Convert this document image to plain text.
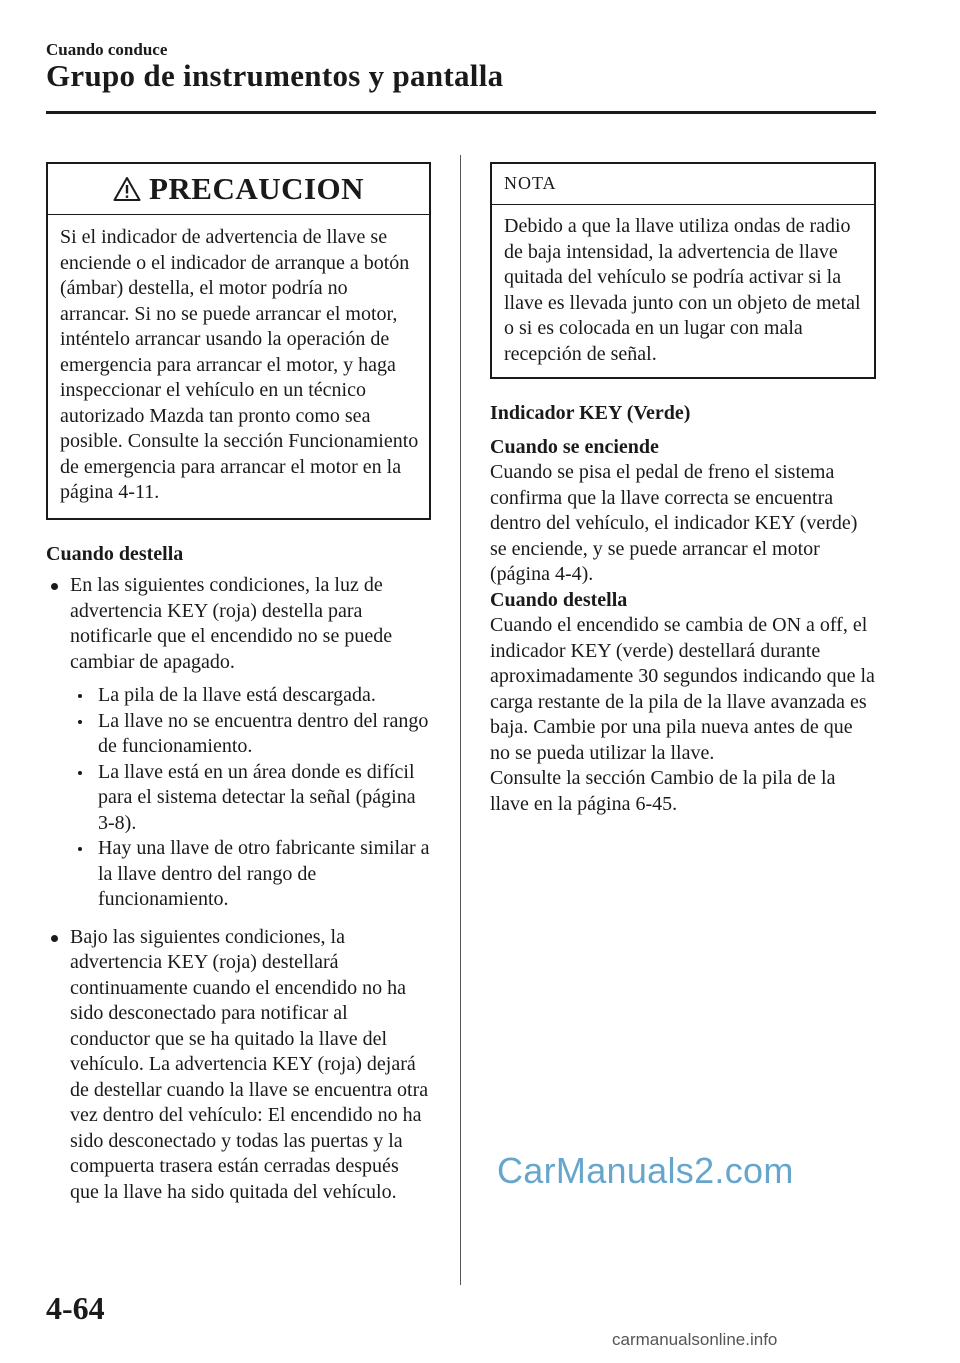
Cuando conduce
Grupo de instrumentos y pantalla
PRECAUCION
Si el indicador de advertencia de llave se enciende o el indicador de arranque a botón (ámbar) destella, el motor podría no arrancar. Si no se puede arrancar el motor, inténtelo arrancar usando la operación de emergencia para arrancar el motor, y haga inspeccionar el vehículo en un técnico autorizado Mazda tan pronto como sea posible. Consulte la sección Funcionamiento de emergencia para arrancar el motor en la página 4-11.

Cuando destella

En las siguientes condiciones, la luz de advertencia KEY (roja) destella para notificarle que el encendido no se puede cambiar de apagado.
La pila de la llave está descargada.
La llave no se encuentra dentro del rango de funcionamiento.
La llave está en un área donde es difícil para el sistema detectar la señal (página 3-8).
Hay una llave de otro fabricante similar a la llave dentro del rango de funcionamiento.
Bajo las siguientes condiciones, la advertencia KEY (roja) destellará continuamente cuando el encendido no ha sido desconectado para notificar al conductor que se ha quitado la llave del vehículo. La advertencia KEY (roja) dejará de destellar cuando la llave se encuentra otra vez dentro del vehículo: El encendido no ha sido desconectado y todas las puertas y la compuerta trasera están cerradas después que la llave ha sido quitada del vehículo.
NOTA
Debido a que la llave utiliza ondas de radio de baja intensidad, la advertencia de llave quitada del vehículo se podría activar si la llave es llevada junto con un objeto de metal o si es colocada en un lugar con mala recepción de señal.

Indicador KEY (Verde)

Cuando se enciende

Cuando se pisa el pedal de freno el sistema confirma que la llave correcta se encuentra dentro del vehículo, el indicador KEY (verde) se enciende, y se puede arrancar el motor (página 4-4).

Cuando destella

Cuando el encendido se cambia de ON a off, el indicador KEY (verde) destellará durante aproximadamente 30 segundos indicando que la carga restante de la pila de la llave avanzada es baja. Cambie por una pila nueva antes de que no se pueda utilizar la llave.

Consulte la sección Cambio de la pila de la llave en la página 6-45.

CarManuals2.com
4-64
carmanualsonline.info
